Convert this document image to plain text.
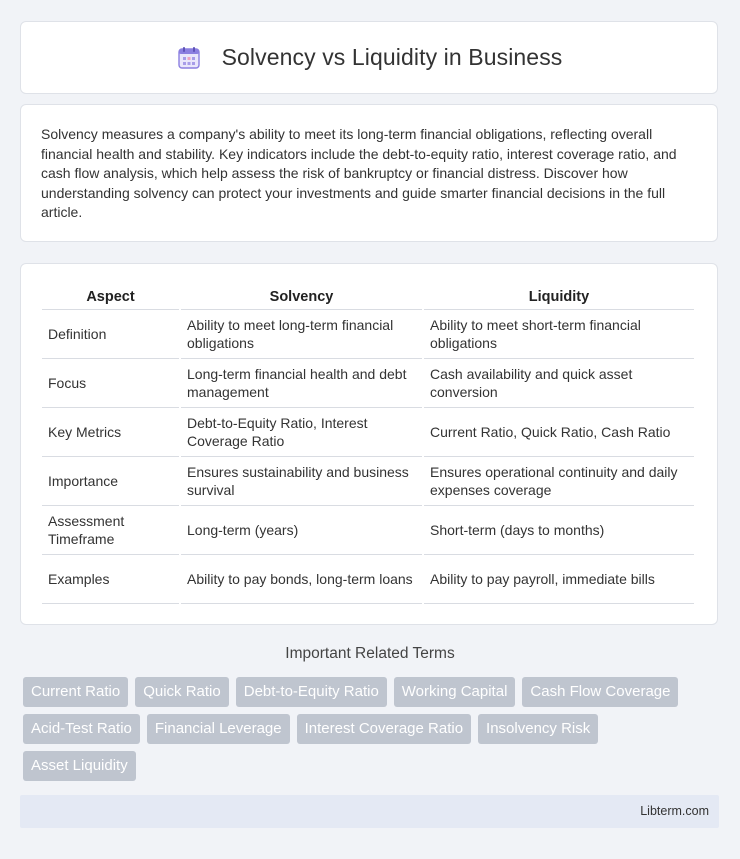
Solvency vs Liquidity in Business

Solvency measures a company's ability to meet its long-term financial obligations, reflecting overall financial health and stability. Key indicators include the debt-to-equity ratio, interest coverage ratio, and cash flow analysis, which help assess the risk of bankruptcy or financial distress. Discover how understanding solvency can protect your investments and guide smarter financial decisions in the full article.

Aspect	Solvency	Liquidity
Definition	Ability to meet long-term financial obligations	Ability to meet short-term financial obligations
Focus	Long-term financial health and debt management	Cash availability and quick asset conversion
Key Metrics	Debt-to-Equity Ratio, Interest Coverage Ratio	Current Ratio, Quick Ratio, Cash Ratio
Importance	Ensures sustainability and business survival	Ensures operational continuity and daily expenses coverage
Assessment Timeframe	Long-term (years)	Short-term (days to months)
Examples	Ability to pay bonds, long-term loans	Ability to pay payroll, immediate bills
Important Related Terms
Current Ratio	Quick Ratio	Debt-to-Equity Ratio	Working Capital	Cash Flow Coverage
Acid-Test Ratio	Financial Leverage	Interest Coverage Ratio	Insolvency Risk
Asset Liquidity
Libterm.com
